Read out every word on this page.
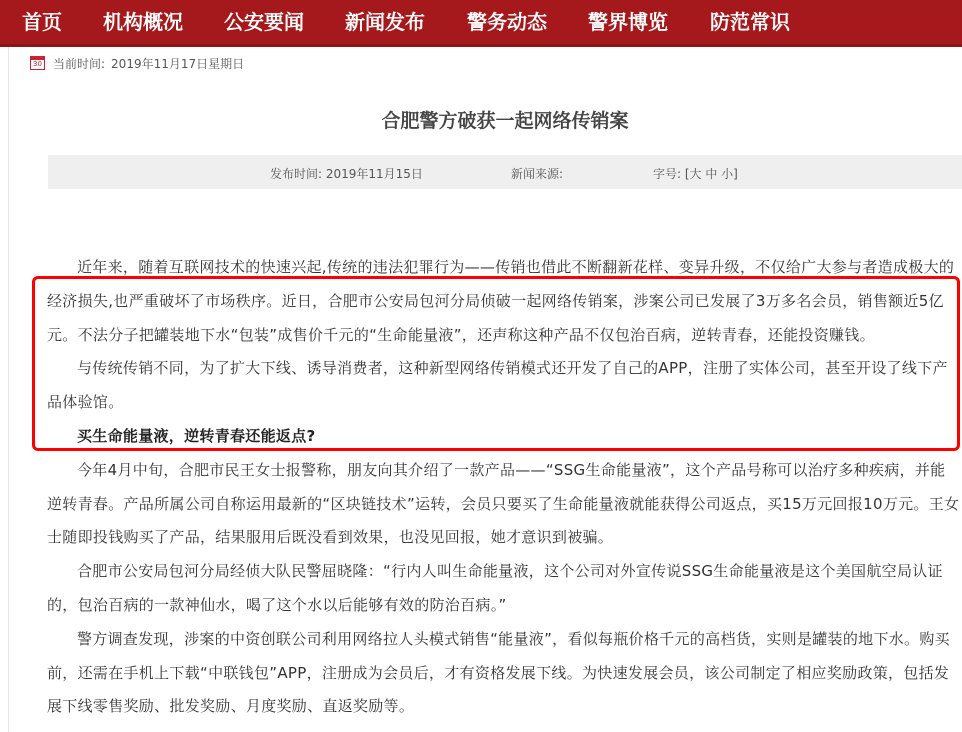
首页 机构概况 公安要闻 新闻发布 警务动态 警界博览 防范常识
30 当前时间: 2019年11月17日星期日
合肥警方破获一起网络传销案
发布时间: 2019年11月15日	新闻来源:	字号: [大 中 小]

近年来，随着互联网技术的快速兴起,传统的违法犯罪行为——传销也借此不断翻新花样、变异升级，不仅给广大参与者造成极大的经济损失,也严重破坏了市场秩序。近日，合肥市公安局包河分局侦破一起网络传销案，涉案公司已发展了3万多名会员，销售额近5亿元。不法分子把罐装地下水“包装”成售价千元的“生命能量液”，还声称这种产品不仅包治百病，逆转青春，还能投资赚钱。

与传统传销不同，为了扩大下线、诱导消费者，这种新型网络传销模式还开发了自己的APP，注册了实体公司，甚至开设了线下产品体验馆。

买生命能量液，逆转青春还能返点?

今年4月中旬，合肥市民王女士报警称，朋友向其介绍了一款产品——“SSG生命能量液”，这个产品号称可以治疗多种疾病，并能逆转青春。产品所属公司自称运用最新的“区块链技术”运转，会员只要买了生命能量液就能获得公司返点，买15万元回报10万元。王女士随即投钱购买了产品，结果服用后既没看到效果，也没见回报，她才意识到被骗。

合肥市公安局包河分局经侦大队民警屈晓隆：“行内人叫生命能量液，这个公司对外宣传说SSG生命能量液是这个美国航空局认证的，包治百病的一款神仙水，喝了这个水以后能够有效的防治百病。”

警方调查发现，涉案的中资创联公司利用网络拉人头模式销售“能量液”，看似每瓶价格千元的高档货，实则是罐装的地下水。购买前，还需在手机上下载“中联钱包”APP，注册成为会员后，才有资格发展下线。为快速发展会员，该公司制定了相应奖励政策，包括发展下线零售奖励、批发奖励、月度奖励、直返奖励等。
